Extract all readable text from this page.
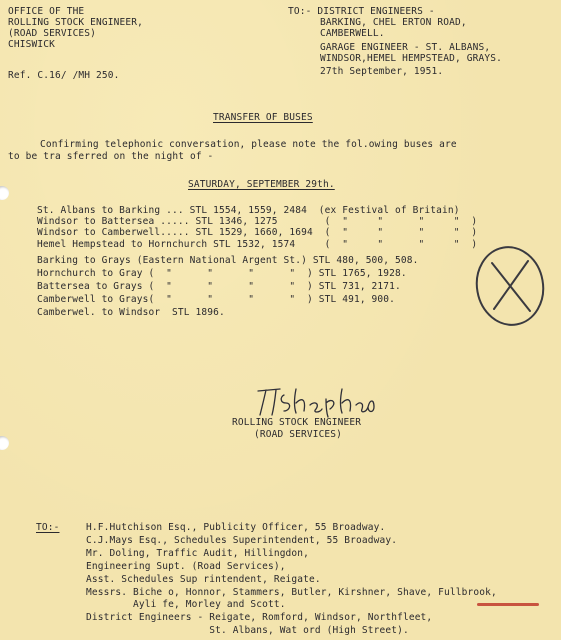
OFFICE OF THE
ROLLING STOCK ENGINEER,
(ROAD SERVICES)
CHISWICK
Ref. C.16/ /MH 250.
TO:- DISTRICT ENGINEERS -
BARKING, CHEL ERTON ROAD,
CAMBERWELL.
GARAGE ENGINEER - ST. ALBANS,
WINDSOR,HEMEL HEMPSTEAD, GRAYS.
27th September, 1951.
TRANSFER OF BUSES
Confirming telephonic conversation, please note the fol.owing buses are
to be tra sferred on the night of -
SATURDAY, SEPTEMBER 29th.
St. Albans to Barking ... STL 1554, 1559, 2484  (ex Festival of Britain)
Windsor to Battersea ..... STL 1346, 1275        (  "     "      "     "  )
Windsor to Camberwell..... STL 1529, 1660, 1694  (  "     "      "     "  )
Hemel Hempstead to Hornchurch STL 1532, 1574     (  "     "      "     "  )
Barking to Grays (Eastern National Argent St.) STL 480, 500, 508.
Hornchurch to Gray (  "      "      "      "  ) STL 1765, 1928.
Battersea to Grays (  "      "      "      "  ) STL 731, 2171.
Camberwell to Grays(  "      "      "      "  ) STL 491, 900.
Camberwel. to Windsor  STL 1896.
ROLLING STOCK ENGINEER
(ROAD SERVICES)
TO:-	H.F.Hutchison Esq., Publicity Officer, 55 Broadway.
C.J.Mays Esq., Schedules Superintendent, 55 Broadway.
Mr. Doling, Traffic Audit, Hillingdon,
Engineering Supt. (Road Services),
Asst. Schedules Sup rintendent, Reigate.
Messrs. Biche o, Honnor, Stammers, Butler, Kirshner, Shave, Fullbrook,
Ayli fe, Morley and Scott.
District Engineers - Reigate, Romford, Windsor, Northfleet,
St. Albans, Wat ord (High Street).
